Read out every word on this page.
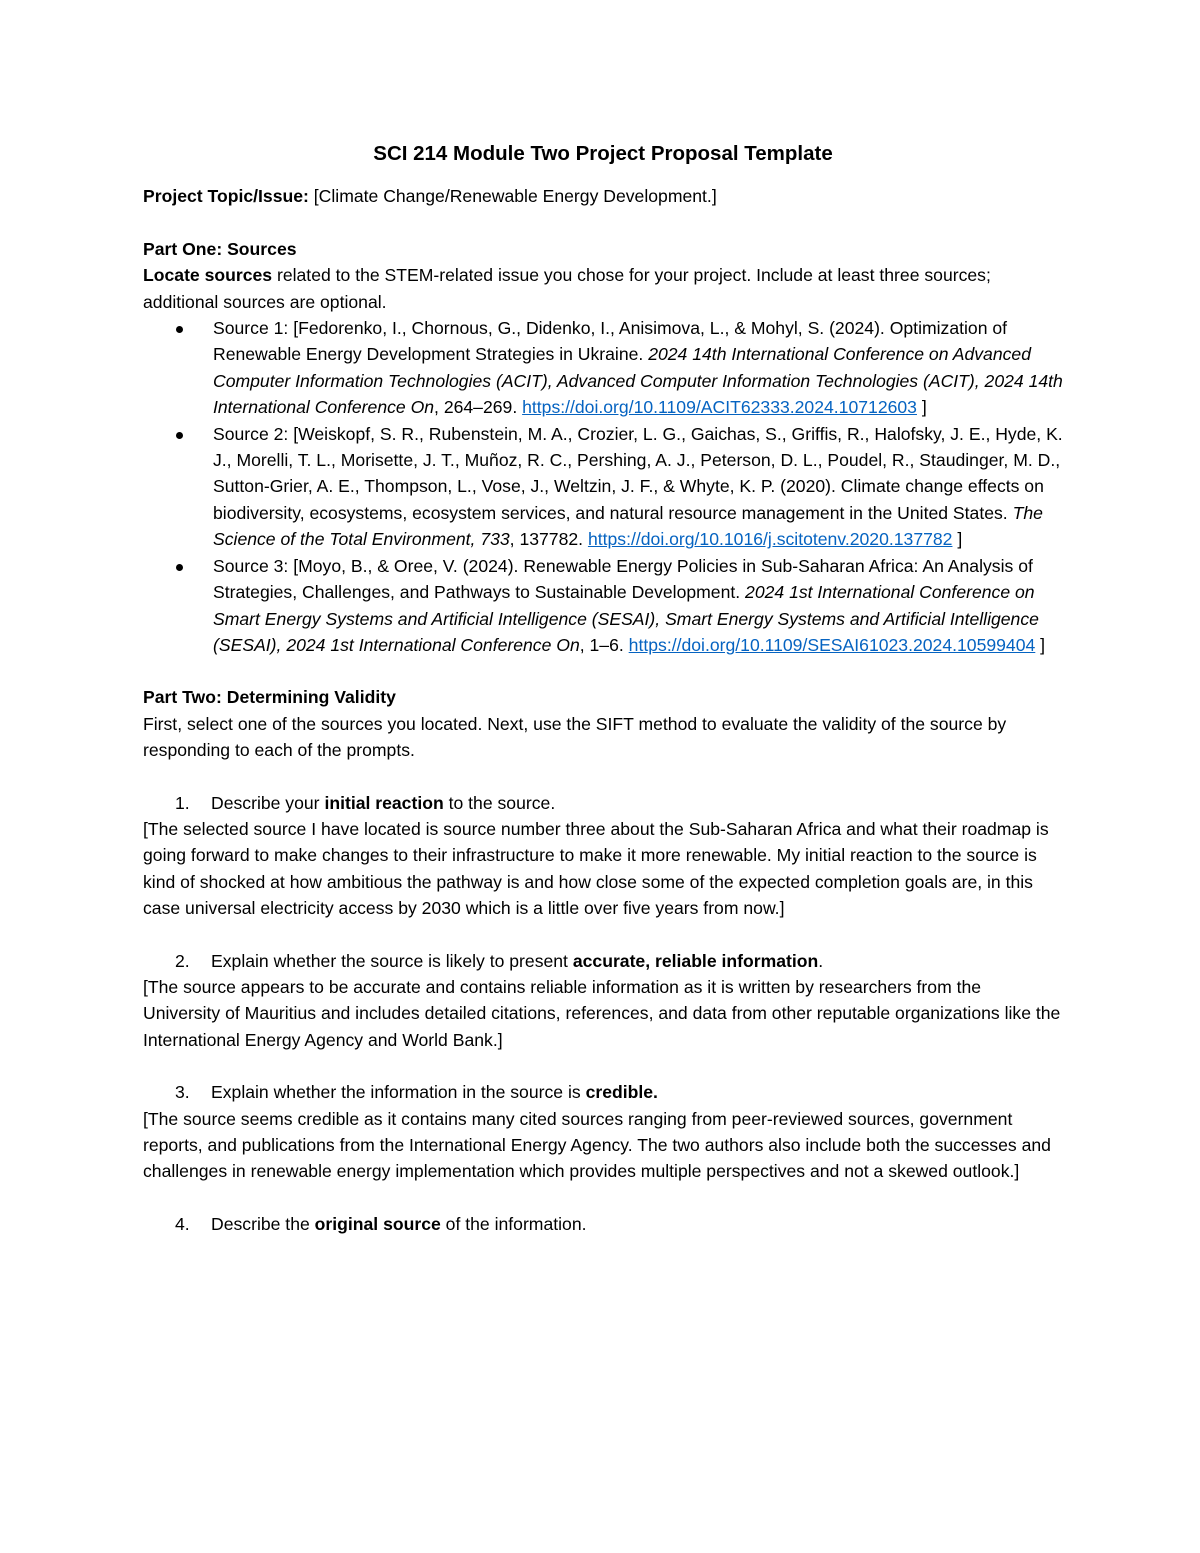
SCI 214 Module Two Project Proposal Template

Project Topic/Issue: [Climate Change/Renewable Energy Development.]

Part One: Sources

Locate sources related to the STEM-related issue you chose for your project. Include at least three sources; additional sources are optional.

Source 1: [Fedorenko, I., Chornous, G., Didenko, I., Anisimova, L., & Mohyl, S. (2024). Optimization of Renewable Energy Development Strategies in Ukraine. 2024 14th International Conference on Advanced Computer Information Technologies (ACIT), Advanced Computer Information Technologies (ACIT), 2024 14th International Conference On, 264–269. https://doi.org/10.1109/ACIT62333.2024.10712603 ]
Source 2: [Weiskopf, S. R., Rubenstein, M. A., Crozier, L. G., Gaichas, S., Griffis, R., Halofsky, J. E., Hyde, K. J., Morelli, T. L., Morisette, J. T., Muñoz, R. C., Pershing, A. J., Peterson, D. L., Poudel, R., Staudinger, M. D., Sutton-Grier, A. E., Thompson, L., Vose, J., Weltzin, J. F., & Whyte, K. P. (2020). Climate change effects on biodiversity, ecosystems, ecosystem services, and natural resource management in the United States. The Science of the Total Environment, 733, 137782. https://doi.org/10.1016/j.scitotenv.2020.137782 ]
Source 3: [Moyo, B., & Oree, V. (2024). Renewable Energy Policies in Sub-Saharan Africa: An Analysis of Strategies, Challenges, and Pathways to Sustainable Development. 2024 1st International Conference on Smart Energy Systems and Artificial Intelligence (SESAI), Smart Energy Systems and Artificial Intelligence (SESAI), 2024 1st International Conference On, 1–6. https://doi.org/10.1109/SESAI61023.2024.10599404 ]

Part Two: Determining Validity

First, select one of the sources you located. Next, use the SIFT method to evaluate the validity of the source by responding to each of the prompts.

1. Describe your initial reaction to the source.

[The selected source I have located is source number three about the Sub-Saharan Africa and what their roadmap is going forward to make changes to their infrastructure to make it more renewable. My initial reaction to the source is kind of shocked at how ambitious the pathway is and how close some of the expected completion goals are, in this case universal electricity access by 2030 which is a little over five years from now.]

2. Explain whether the source is likely to present accurate, reliable information.

[The source appears to be accurate and contains reliable information as it is written by researchers from the University of Mauritius and includes detailed citations, references, and data from other reputable organizations like the International Energy Agency and World Bank.]

3. Explain whether the information in the source is credible.

[The source seems credible as it contains many cited sources ranging from peer-reviewed sources, government reports, and publications from the International Energy Agency. The two authors also include both the successes and challenges in renewable energy implementation which provides multiple perspectives and not a skewed outlook.]

4. Describe the original source of the information.
